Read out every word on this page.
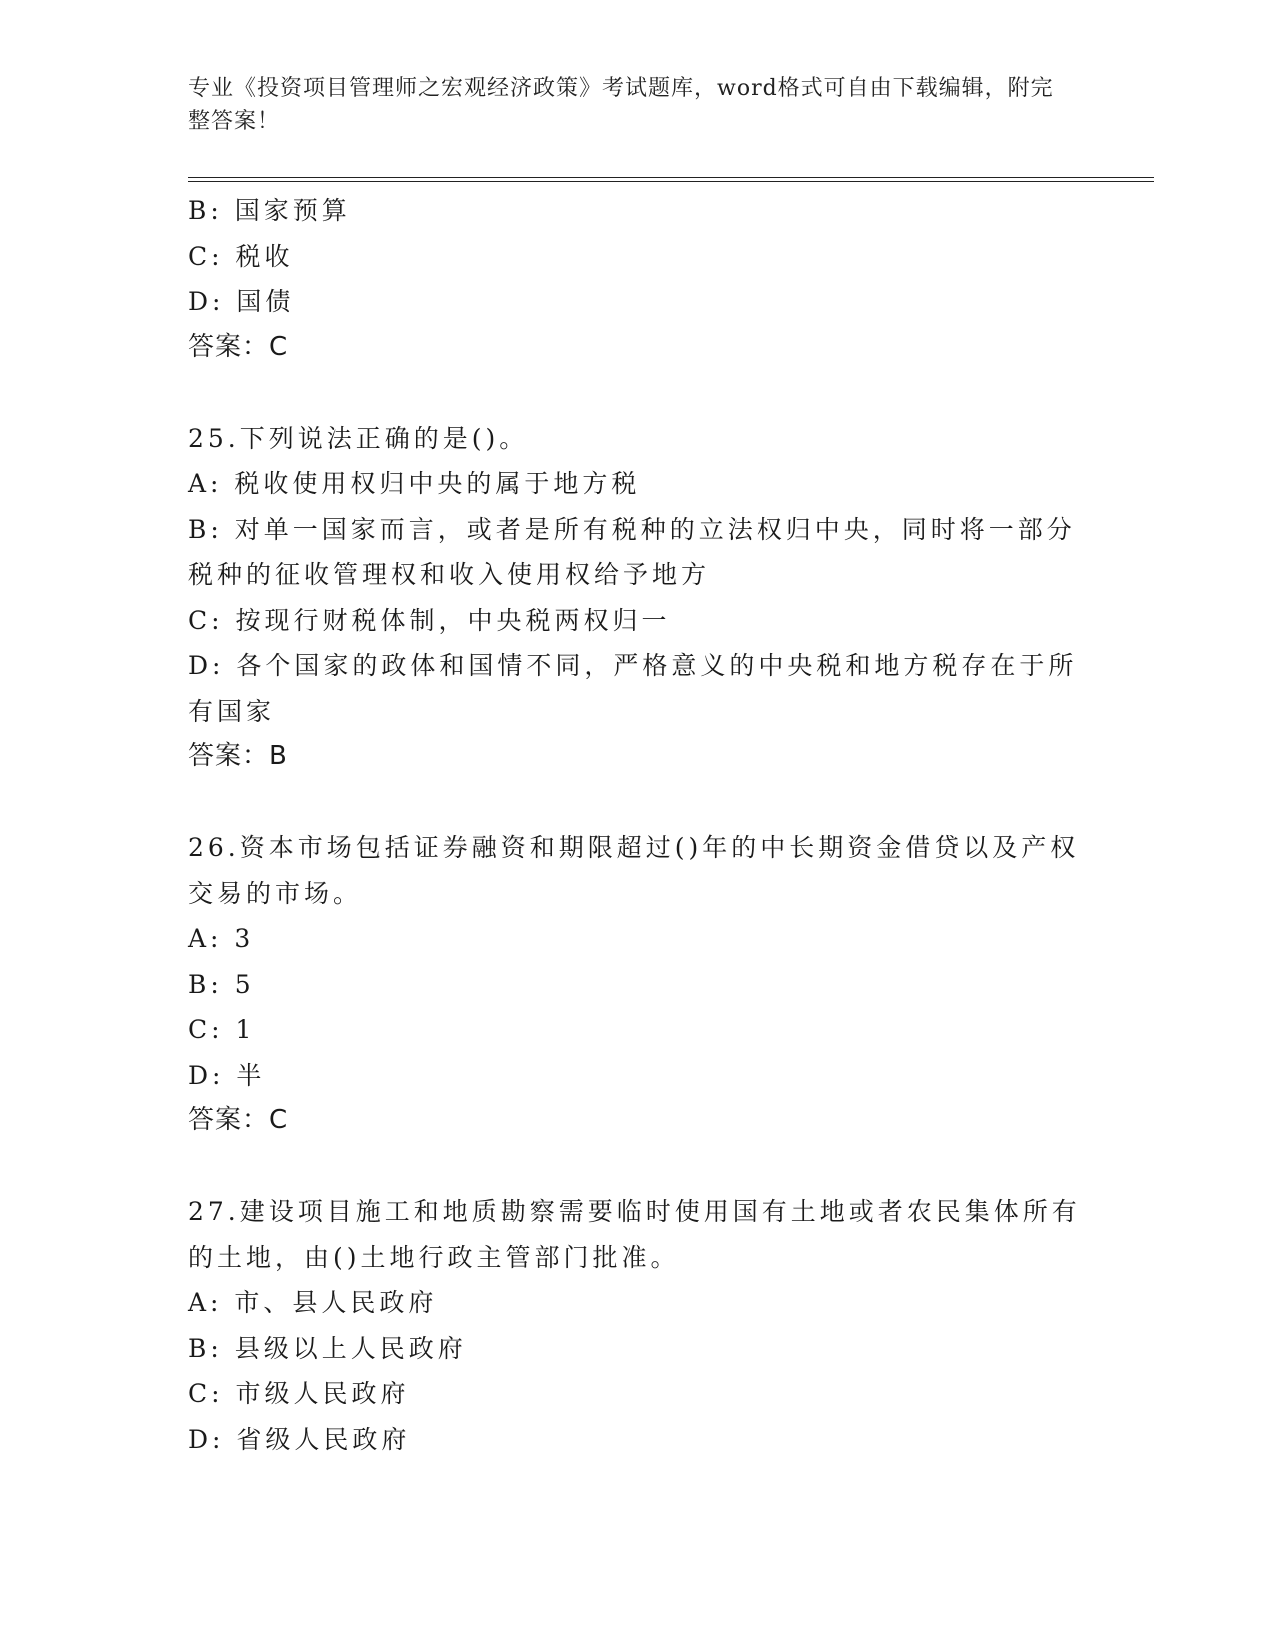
专业《投资项目管理师之宏观经济政策》考试题库，word格式可自由下载编辑，附完整答案！
B: 国家预算
C: 税收
D: 国债
答案：C
25.下列说法正确的是()。
A: 税收使用权归中央的属于地方税
B: 对单一国家而言，或者是所有税种的立法权归中央，同时将一部分税种的征收管理权和收入使用权给予地方
C: 按现行财税体制，中央税两权归一
D: 各个国家的政体和国情不同，严格意义的中央税和地方税存在于所有国家
答案：B
26.资本市场包括证券融资和期限超过()年的中长期资金借贷以及产权交易的市场。
A: 3
B: 5
C: 1
D: 半
答案：C
27.建设项目施工和地质勘察需要临时使用国有土地或者农民集体所有的土地，由()土地行政主管部门批准。
A: 市、县人民政府
B: 县级以上人民政府
C: 市级人民政府
D: 省级人民政府
